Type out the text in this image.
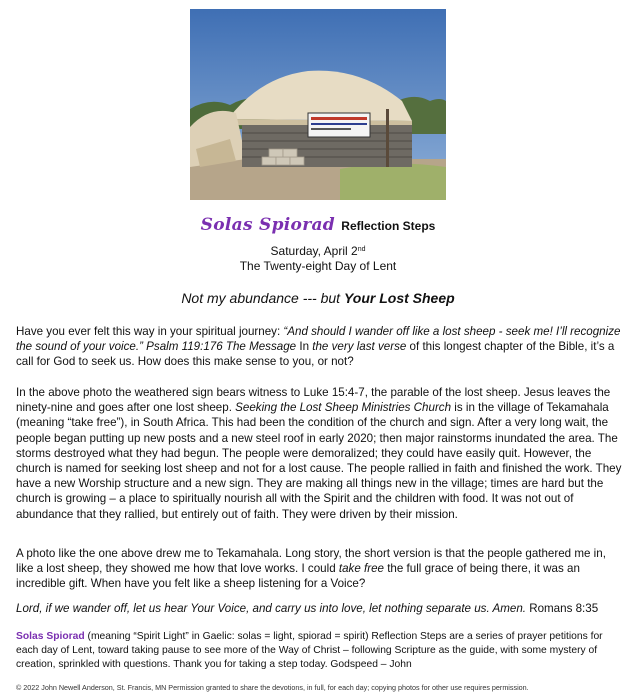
Solas Spiorad Reflection Steps
Saturday, April 2nd
The Twenty-eight Day of Lent
Not my abundance --- but Your Lost Sheep

Have you ever felt this way in your spiritual journey: “And should I wander off like a lost sheep - seek me! I’ll recognize the sound of your voice.” Psalm 119:176 The Message In the very last verse of this longest chapter of the Bible, it’s a call for God to seek us. How does this make sense to you, or not?

In the above photo the weathered sign bears witness to Luke 15:4-7, the parable of the lost sheep. Jesus leaves the ninety-nine and goes after one lost sheep. Seeking the Lost Sheep Ministries Church is in the village of Tekamahala (meaning “take free”), in South Africa. This had been the condition of the church and sign. After a very long wait, the people began putting up new posts and a new steel roof in early 2020; then major rainstorms inundated the area. The storms destroyed what they had begun. The people were demoralized; they could have easily quit. However, the church is named for seeking lost sheep and not for a lost cause. The people rallied in faith and finished the work. They have a new Worship structure and a new sign. They are making all things new in the village; times are hard but the church is growing – a place to spiritually nourish all with the Spirit and the children with food. It was not out of abundance that they rallied, but entirely out of faith. They were driven by their mission.

A photo like the one above drew me to Tekamahala. Long story, the short version is that the people gathered me in, like a lost sheep, they showed me how that love works. I could take free the full grace of being there, it was an incredible gift. When have you felt like a sheep listening for a Voice?

Lord, if we wander off, let us hear Your Voice, and carry us into love, let nothing separate us. Amen. Romans 8:35

Solas Spiorad (meaning “Spirit Light” in Gaelic: solas = light, spiorad = spirit) Reflection Steps are a series of prayer petitions for each day of Lent, toward taking pause to see more of the Way of Christ – following Scripture as the guide, with some mystery of creation, sprinkled with questions. Thank you for taking a step today. Godspeed – John

© 2022 John Newell Anderson, St. Francis, MN Permission granted to share the devotions, in full, for each day; copying photos for other use requires permission.
